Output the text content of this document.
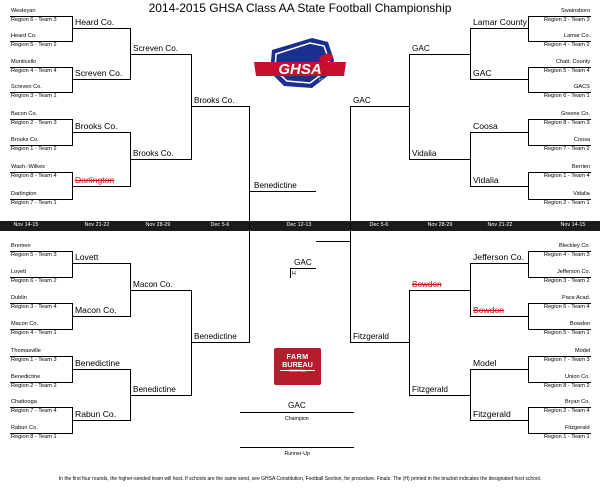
2014-2015 GHSA Class AA State Football Championship
GHSA
FOOTBALL
FARM
BUREAU
GEORGIA
In the first four rounds, the higher-seeded team will host. If schools are the same seed, see GHSA Constitution, Football Section, for procedure. Finals: The (H) printed in the bracket indicates the designated host school.
Wesleyan
Region 6 - Team 3
Heard Co.
Region 5 - Team 2
Monticello
Region 4 - Team 4
Screven Co.
Region 3 - Team 1
Bacon Co.
Region 2 - Team 3
Brooks Co.
Region 1 - Team 2
Wash.-Wilkes
Region 8 - Team 4
Darlington
Region 7 - Team 1
Bremen
Region 5 - Team 3
Lovett
Region 6 - Team 2
Dublin
Region 3 - Team 4
Macon Co.
Region 4 - Team 1
Thomasville
Region 1 - Team 3
Benedictine
Region 2 - Team 2
Chattooga
Region 7 - Team 4
Rabun Co.
Region 8 - Team 1
Swainsboro
Region 3 - Team 3
Lamar Co.
Region 4 - Team 2
Chatt. County
Region 5 - Team 4
GACS
Region 6 - Team 1
Greene Co.
Region 8 - Team 3
Coosa
Region 7 - Team 2
Berrien
Region 1 - Team 4
Vidalia
Region 2 - Team 1
Bleckley Co.
Region 4 - Team 3
Jefferson Co.
Region 3 - Team 2
Pace Acad.
Region 6 - Team 4
Bowdon
Region 5 - Team 1
Model
Region 7 - Team 3
Union Co.
Region 8 - Team 2
Bryan Co.
Region 2 - Team 4
Fitzgerald
Region 1 - Team 1
Heard Co.
Screven Co.
Brooks Co.
Darlington
Lovett
Macon Co.
Benedictine
Rabun Co.
Lamar County
GAC
Coosa
Vidalia
Jefferson Co.
Bowdon
Model
Fitzgerald
Screven Co.	GAC
Brooks Co.	Vidalia
Macon Co.	Bowdon
Benedictine	Fitzgerald
Brooks Co.	GAC
Benedictine	Fitzgerald
Benedictine
GAC
H
GAC
Champion
Runner-Up
Nov 14-15	Nov 21-22	Nov 28-29	Dec 5-6	Dec 12-13	Dec 5-6	Nov 28-29	Nov 21-22	Nov 14-15
